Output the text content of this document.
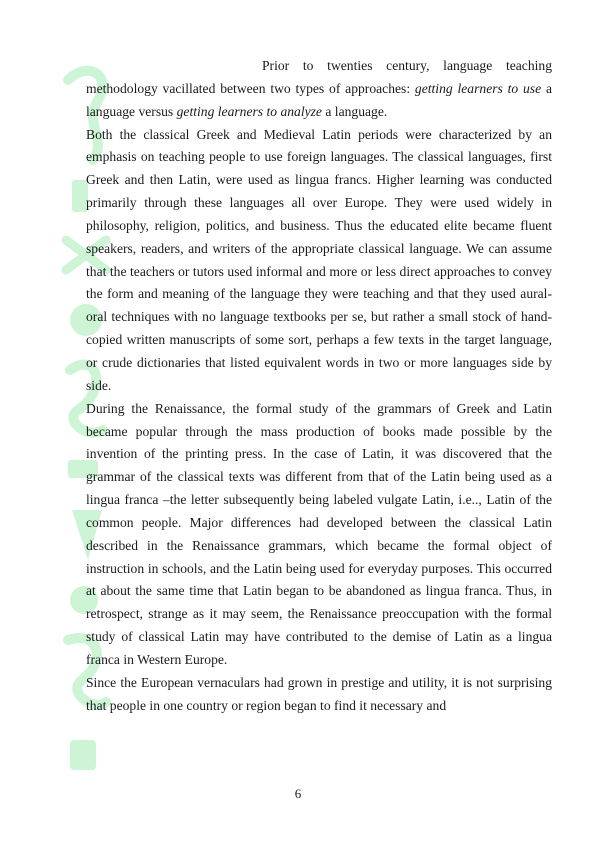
Prior to twenties century, language teaching methodology vacillated between two types of approaches: getting learners to use a language versus getting learners to analyze a language.

Both the classical Greek and Medieval Latin periods were characterized by an emphasis on teaching people to use foreign languages. The classical languages, first Greek and then Latin, were used as lingua francs. Higher learning was conducted primarily through these languages all over Europe. They were used widely in philosophy, religion, politics, and business. Thus the educated elite became fluent speakers, readers, and writers of the appropriate classical language. We can assume that the teachers or tutors used informal and more or less direct approaches to convey the form and meaning of the language they were teaching and that they used aural-oral techniques with no language textbooks per se, but rather a small stock of hand-copied written manuscripts of some sort, perhaps a few texts in the target language, or crude dictionaries that listed equivalent words in two or more languages side by side.

During the Renaissance, the formal study of the grammars of Greek and Latin became popular through the mass production of books made possible by the invention of the printing press. In the case of Latin, it was discovered that the grammar of the classical texts was different from that of the Latin being used as a lingua franca –the letter subsequently being labeled vulgate Latin, i.e.., Latin of the common people. Major differences had developed between the classical Latin described in the Renaissance grammars, which became the formal object of instruction in schools, and the Latin being used for everyday purposes. This occurred at about the same time that Latin began to be abandoned as lingua franca. Thus, in retrospect, strange as it may seem, the Renaissance preoccupation with the formal study of classical Latin may have contributed to the demise of Latin as a lingua franca in Western Europe.

Since the European vernaculars had grown in prestige and utility, it is not surprising that people in one country or region began to find it necessary and

6
